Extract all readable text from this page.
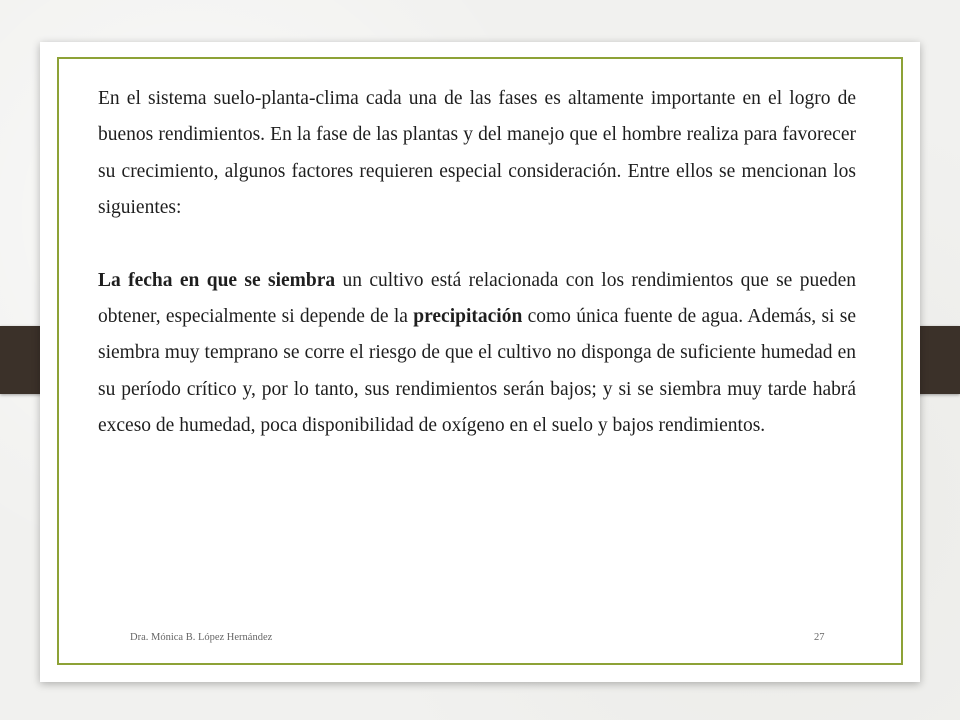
En el sistema suelo-planta-clima cada una de las fases es altamente importante en el logro de buenos rendimientos. En la fase de las plantas y del manejo que el hombre realiza para favorecer su crecimiento, algunos factores requieren especial consideración. Entre ellos se mencionan los siguientes:

La fecha en que se siembra un cultivo está relacionada con los rendimientos que se pueden obtener, especialmente si depende de la precipitación como única fuente de agua. Además, si se siembra muy temprano se corre el riesgo de que el cultivo no disponga de suficiente humedad en su período crítico y, por lo tanto, sus rendimientos serán bajos; y si se siembra muy tarde habrá exceso de humedad, poca disponibilidad de oxígeno en el suelo y bajos rendimientos.

Dra. Mónica B. López Hernández	27
